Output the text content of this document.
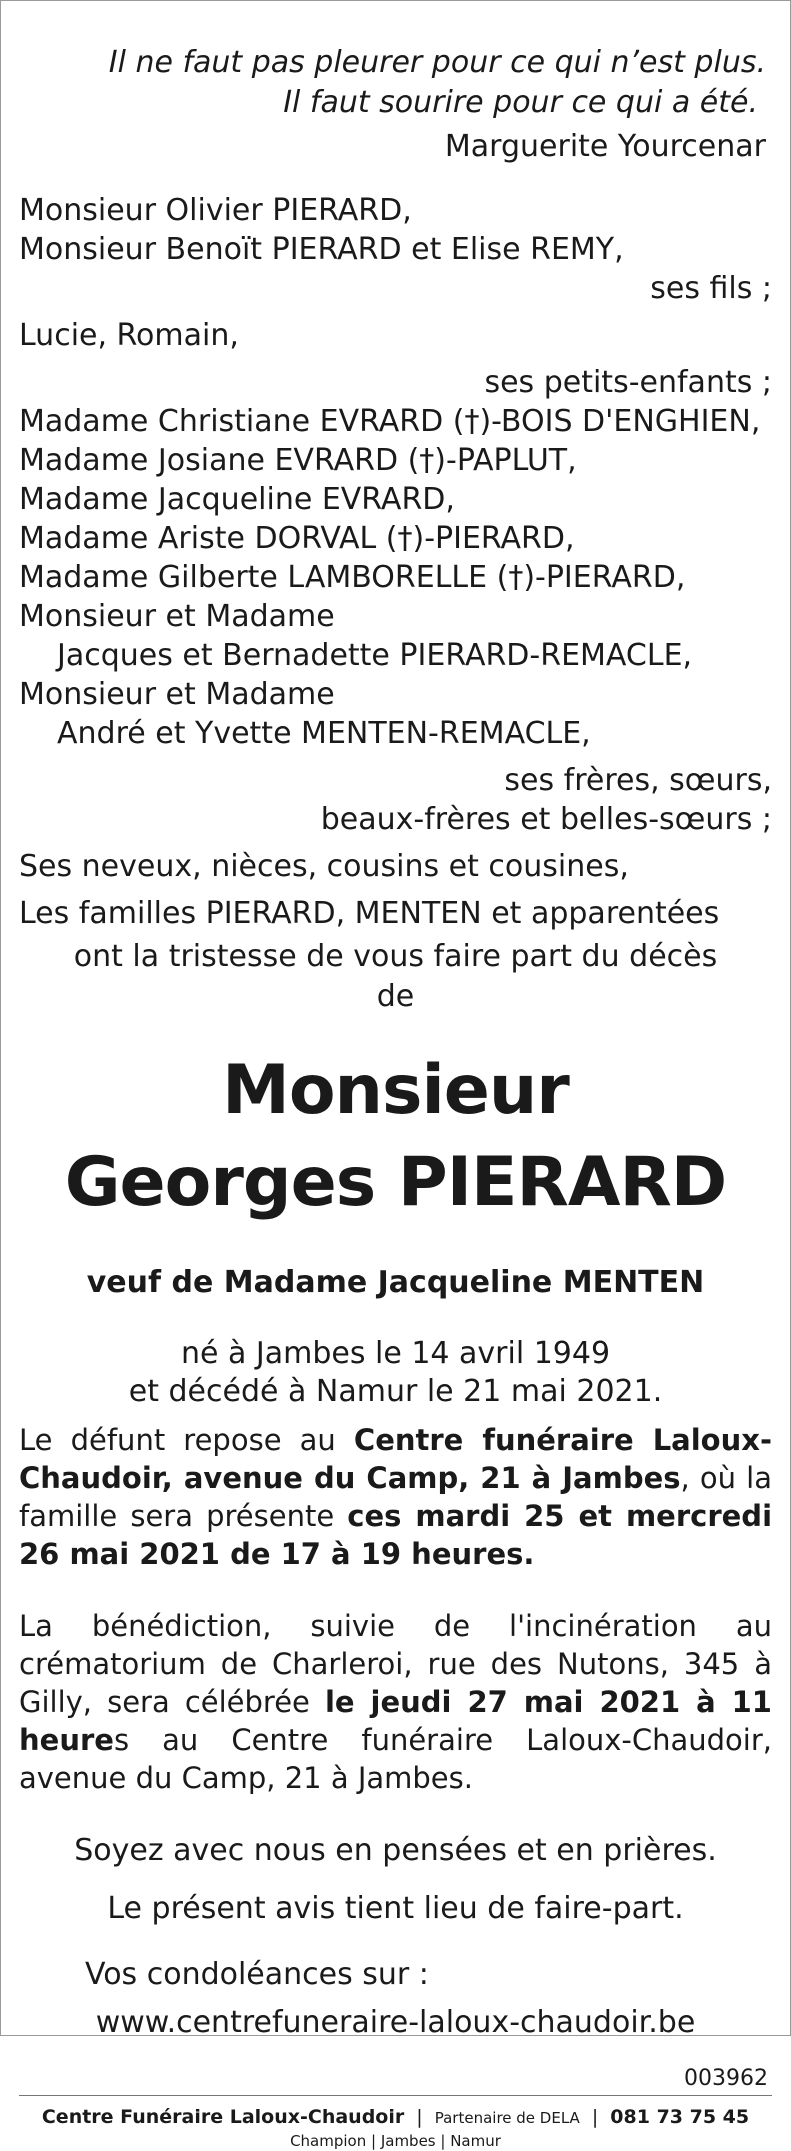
Il ne faut pas pleurer pour ce qui n’est plus.
Il faut sourire pour ce qui a été.
Marguerite Yourcenar
Monsieur Olivier PIERARD,
Monsieur Benoït PIERARD et Elise REMY,
ses fils ;
Lucie, Romain,
ses petits-enfants ;
Madame Christiane EVRARD (†)-BOIS D'ENGHIEN,
Madame Josiane EVRARD (†)-PAPLUT,
Madame Jacqueline EVRARD,
Madame Ariste DORVAL (†)-PIERARD,
Madame Gilberte LAMBORELLE (†)-PIERARD,
Monsieur et Madame
Jacques et Bernadette PIERARD-REMACLE,
Monsieur et Madame
André et Yvette MENTEN-REMACLE,
ses frères, sœurs,
beaux-frères et belles-sœurs ;
Ses neveux, nièces, cousins et cousines,
Les familles PIERARD, MENTEN et apparentées
ont la tristesse de vous faire part du décès de
Monsieur
Georges PIERARD
veuf de Madame Jacqueline MENTEN
né à Jambes le 14 avril 1949
et décédé à Namur le 21 mai 2021.
Le défunt repose au Centre funéraire Laloux-Chaudoir, avenue du Camp, 21 à Jambes, où la famille sera présente ces mardi 25 et mercredi 26 mai 2021 de 17 à 19 heures.
La bénédiction, suivie de l'incinération au crématorium de Charleroi, rue des Nutons, 345 à Gilly, sera célébrée le jeudi 27 mai 2021 à 11 heures au Centre funéraire Laloux-Chaudoir, avenue du Camp, 21 à Jambes.
Soyez avec nous en pensées et en prières.
Le présent avis tient lieu de faire-part.
Vos condoléances sur :
www.centrefuneraire-laloux-chaudoir.be
003962
Centre Funéraire Laloux-Chaudoir | Partenaire de DELA | 081 73 75 45
Champion | Jambes | Namur
